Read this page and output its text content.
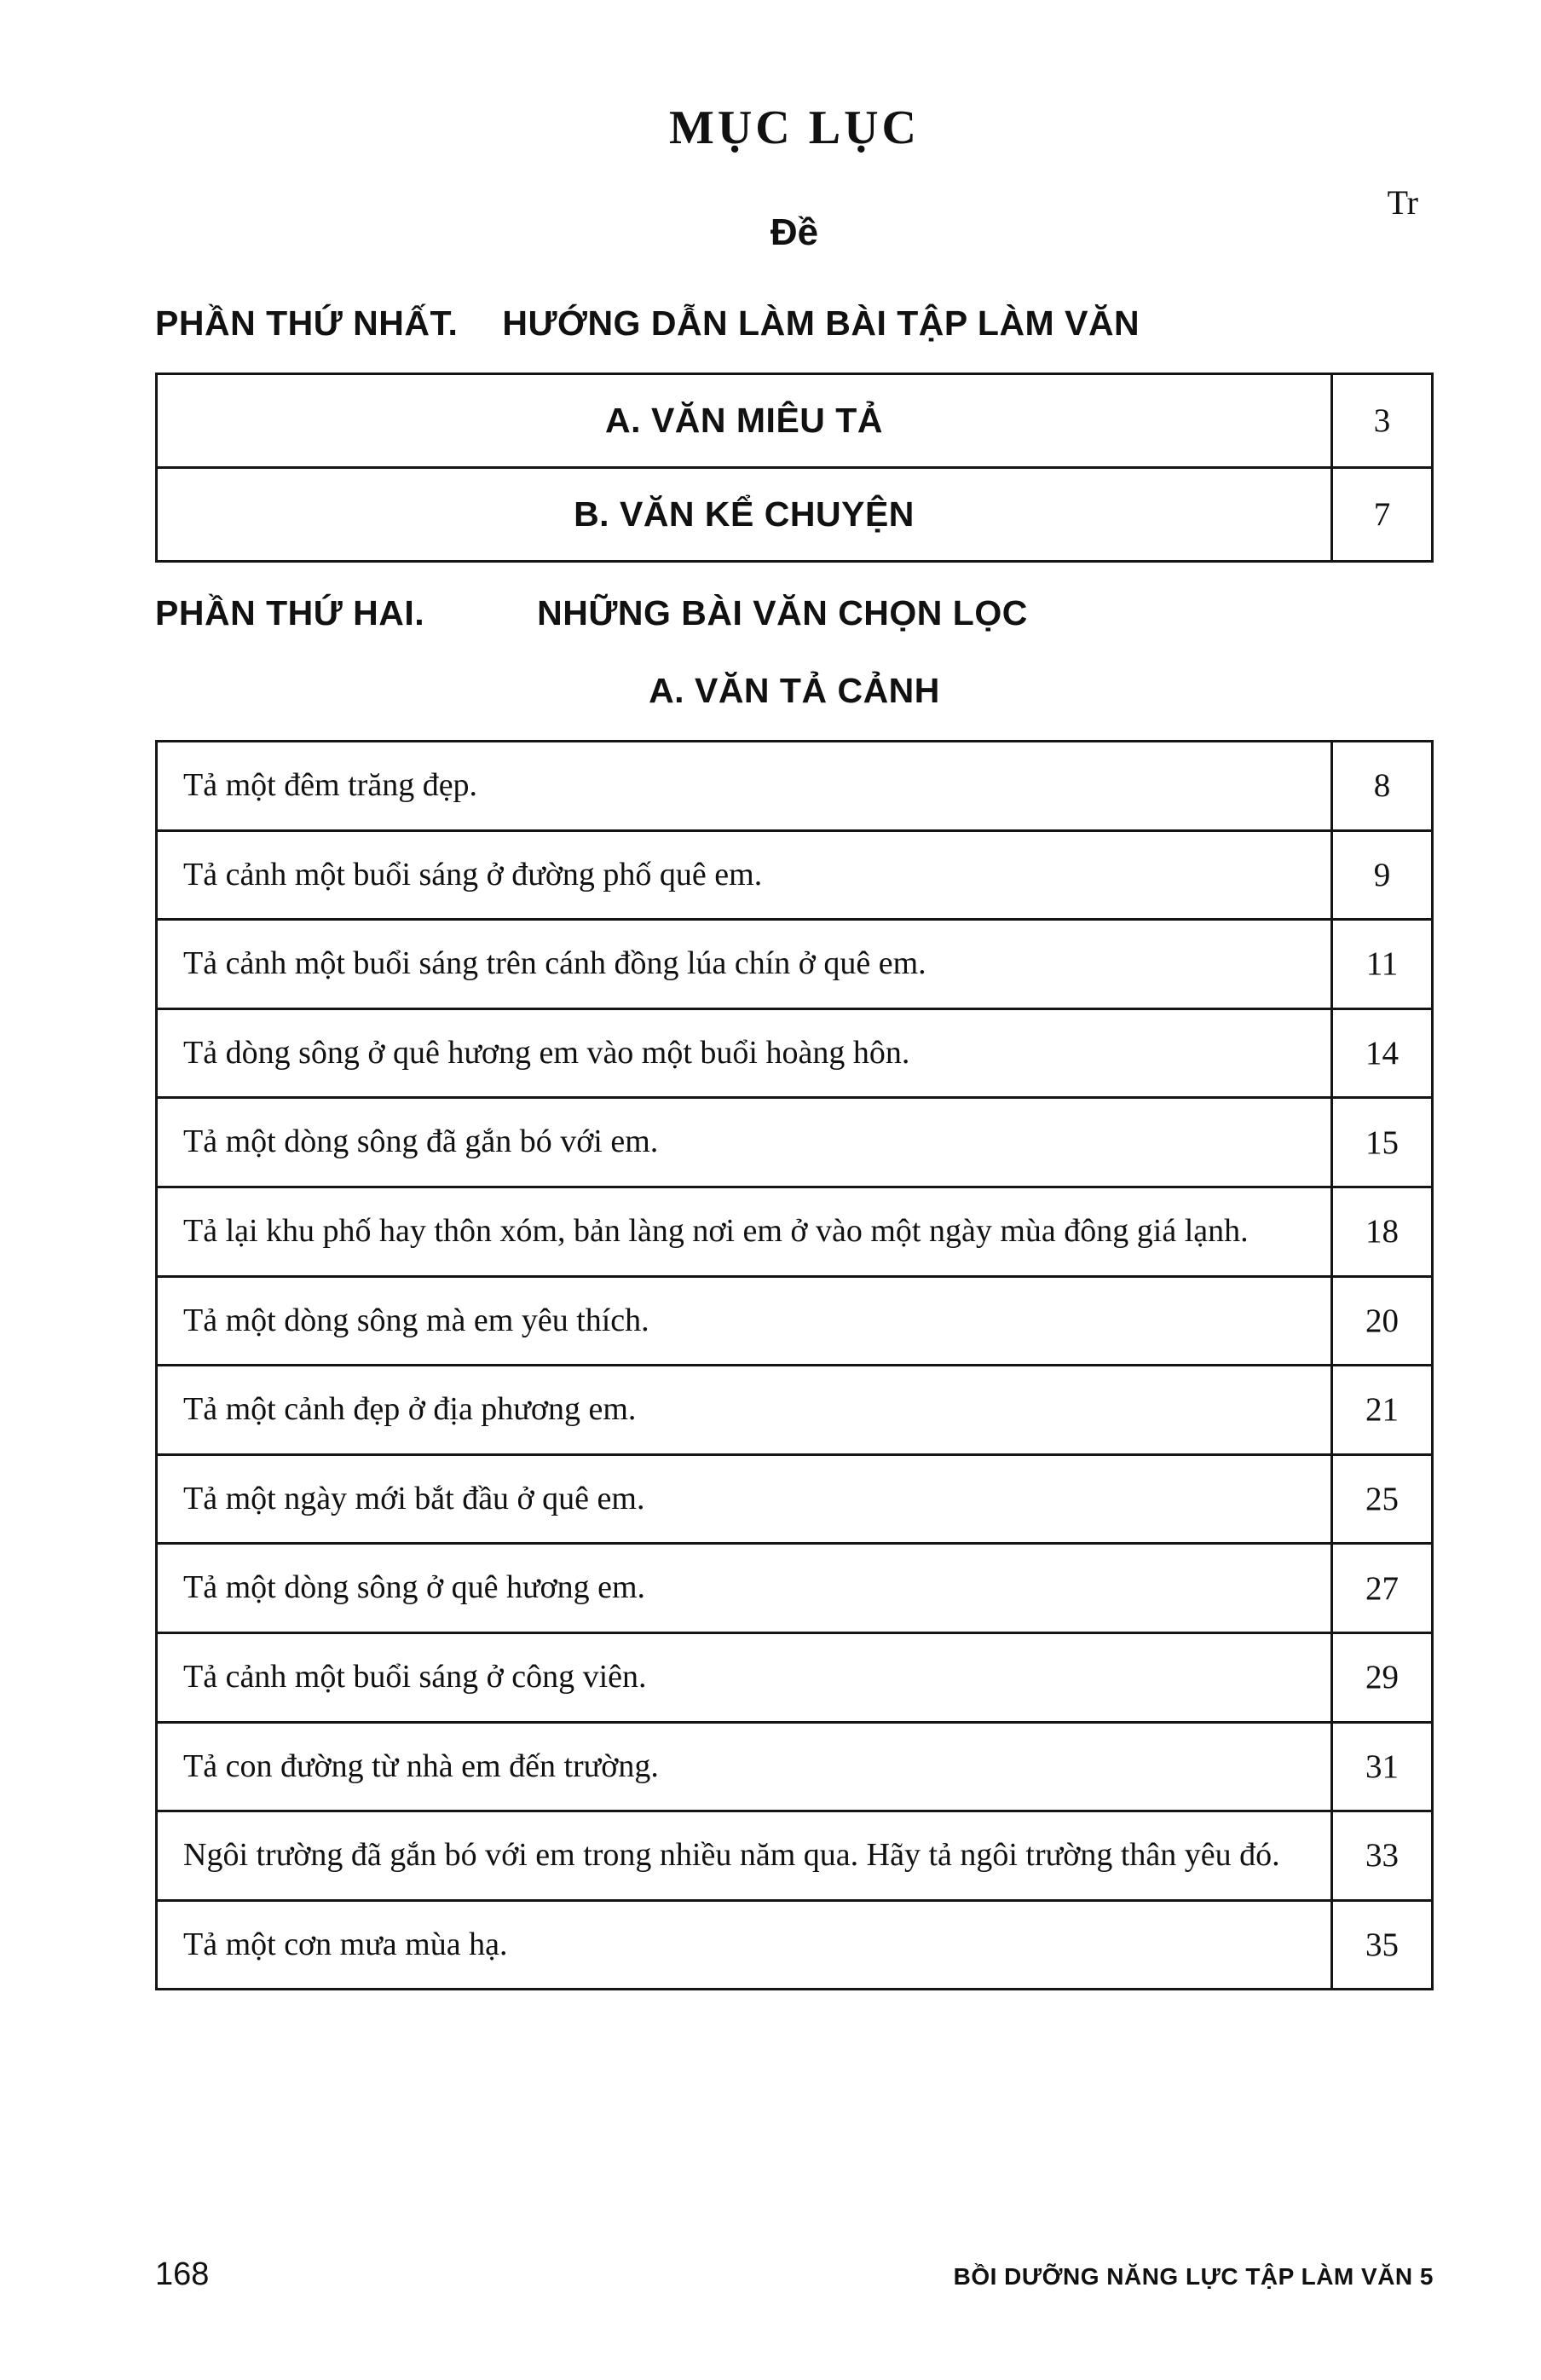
MỤC LỤC
Đề
Tr
PHẦN THỨ NHẤT. HƯỚNG DẪN LÀM BÀI TẬP LÀM VĂN
A. VĂN MIÊU TẢ	3
B. VĂN KỂ CHUYỆN	7
PHẦN THỨ HAI.	NHỮNG BÀI VĂN CHỌN LỌC
A. VĂN TẢ CẢNH
Tả một đêm trăng đẹp.	8
Tả cảnh một buổi sáng ở đường phố quê em.	9
Tả cảnh một buổi sáng trên cánh đồng lúa chín ở quê em.	11
Tả dòng sông ở quê hương em vào một buổi hoàng hôn.	14
Tả một dòng sông đã gắn bó với em.	15
Tả lại khu phố hay thôn xóm, bản làng nơi em ở vào một ngày mùa đông giá lạnh.	18
Tả một dòng sông mà em yêu thích.	20
Tả một cảnh đẹp ở địa phương em.	21
Tả một ngày mới bắt đầu ở quê em.	25
Tả một dòng sông ở quê hương em.	27
Tả cảnh một buổi sáng ở công viên.	29
Tả con đường từ nhà em đến trường.	31
Ngôi trường đã gắn bó với em trong nhiều năm qua. Hãy tả ngôi trường thân yêu đó.	33
Tả một cơn mưa mùa hạ.	35
168	BỒI DƯỠNG NĂNG LỰC TẬP LÀM VĂN 5
